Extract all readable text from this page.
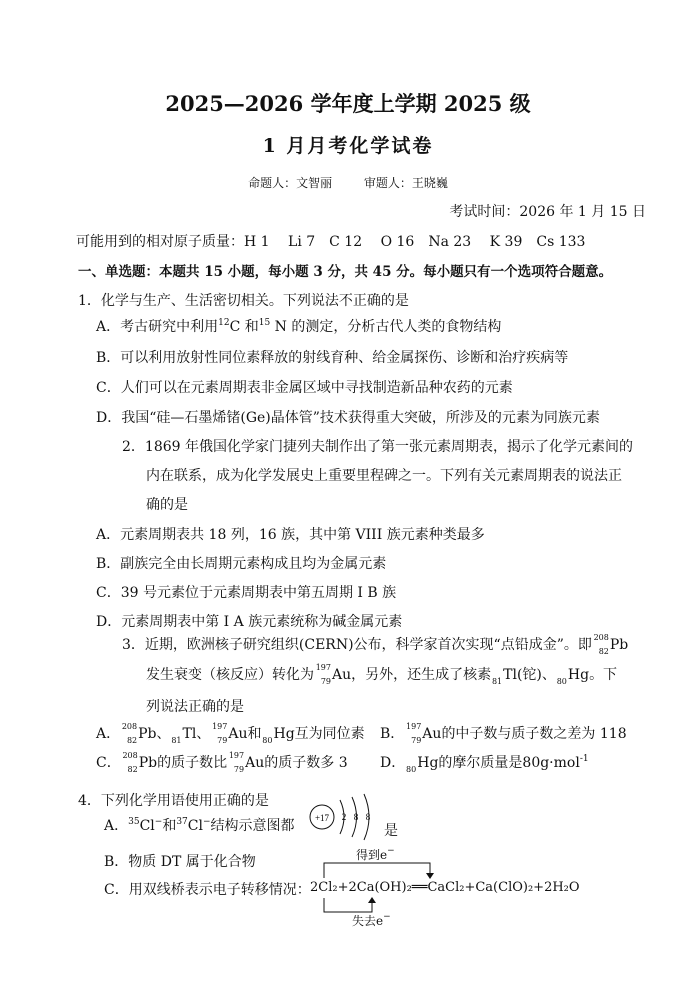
2025—2026 学年度上学期 2025 级
1 月月考化学试卷
命题人：文智丽	审题人：王晓巍
考试时间：2026 年 1 月 15 日
可能用到的相对原子质量：H 1　 Li 7　C 12　 O 16　Na 23　 K 39　Cs 133
一、单选题：本题共 15 小题，每小题 3 分，共 45 分。每小题只有一个选项符合题意。
1．化学与生产、生活密切相关。下列说法不正确的是
A．考古研究中利用$^{12}$C 和$^{15}$ N 的测定，分析古代人类的食物结构
B．可以利用放射性同位素释放的射线育种、给金属探伤、诊断和治疗疾病等
C．人们可以在元素周期表非金属区域中寻找制造新品种农药的元素
D．我国“硅—石墨烯锗(Ge)晶体管”技术获得重大突破，所涉及的元素为同族元素
2．1869 年俄国化学家门捷列夫制作出了第一张元素周期表，揭示了化学元素间的
内在联系，成为化学发展史上重要里程碑之一。下列有关元素周期表的说法正
确的是
A．元素周期表共 18 列，16 族，其中第 VIII 族元素种类最多
B．副族完全由长周期元素构成且均为金属元素
C．39 号元素位于元素周期表中第五周期 I B 族
D．元素周期表中第 I A 族元素统称为碱金属元素
3．近期，欧洲核子研究组织(CERN)公布，科学家首次实现“点铅成金”。即 208
82 Pb
发生衰变（核反应）转化为 197
79 Au，另外，还生成了核素 81 Tl(铊)、 80 Hg。下
列说法正确的是
A． 208
82 Pb、 81 Tl、 197
79 Au和 80 Hg互为同位素 B． 197
79 Au的中子数与质子数之差为 118
C． 208
82 Pb的质子数比 197
79 Au的质子数多 3 D． 80 Hg的摩尔质量是80g·mol$^{-1}$
4．下列化学用语使用正确的是
A．$^{35}$Cl−和$^{37}$Cl−结构示意图都 +17 2 8 8
是
B．物质 DT 属于化合物	得到e−
C．用双线桥表示电子转移情况： 2Cl₂+2Ca(OH)₂══CaCl₂+Ca(ClO)₂+2H₂O
失去e−
